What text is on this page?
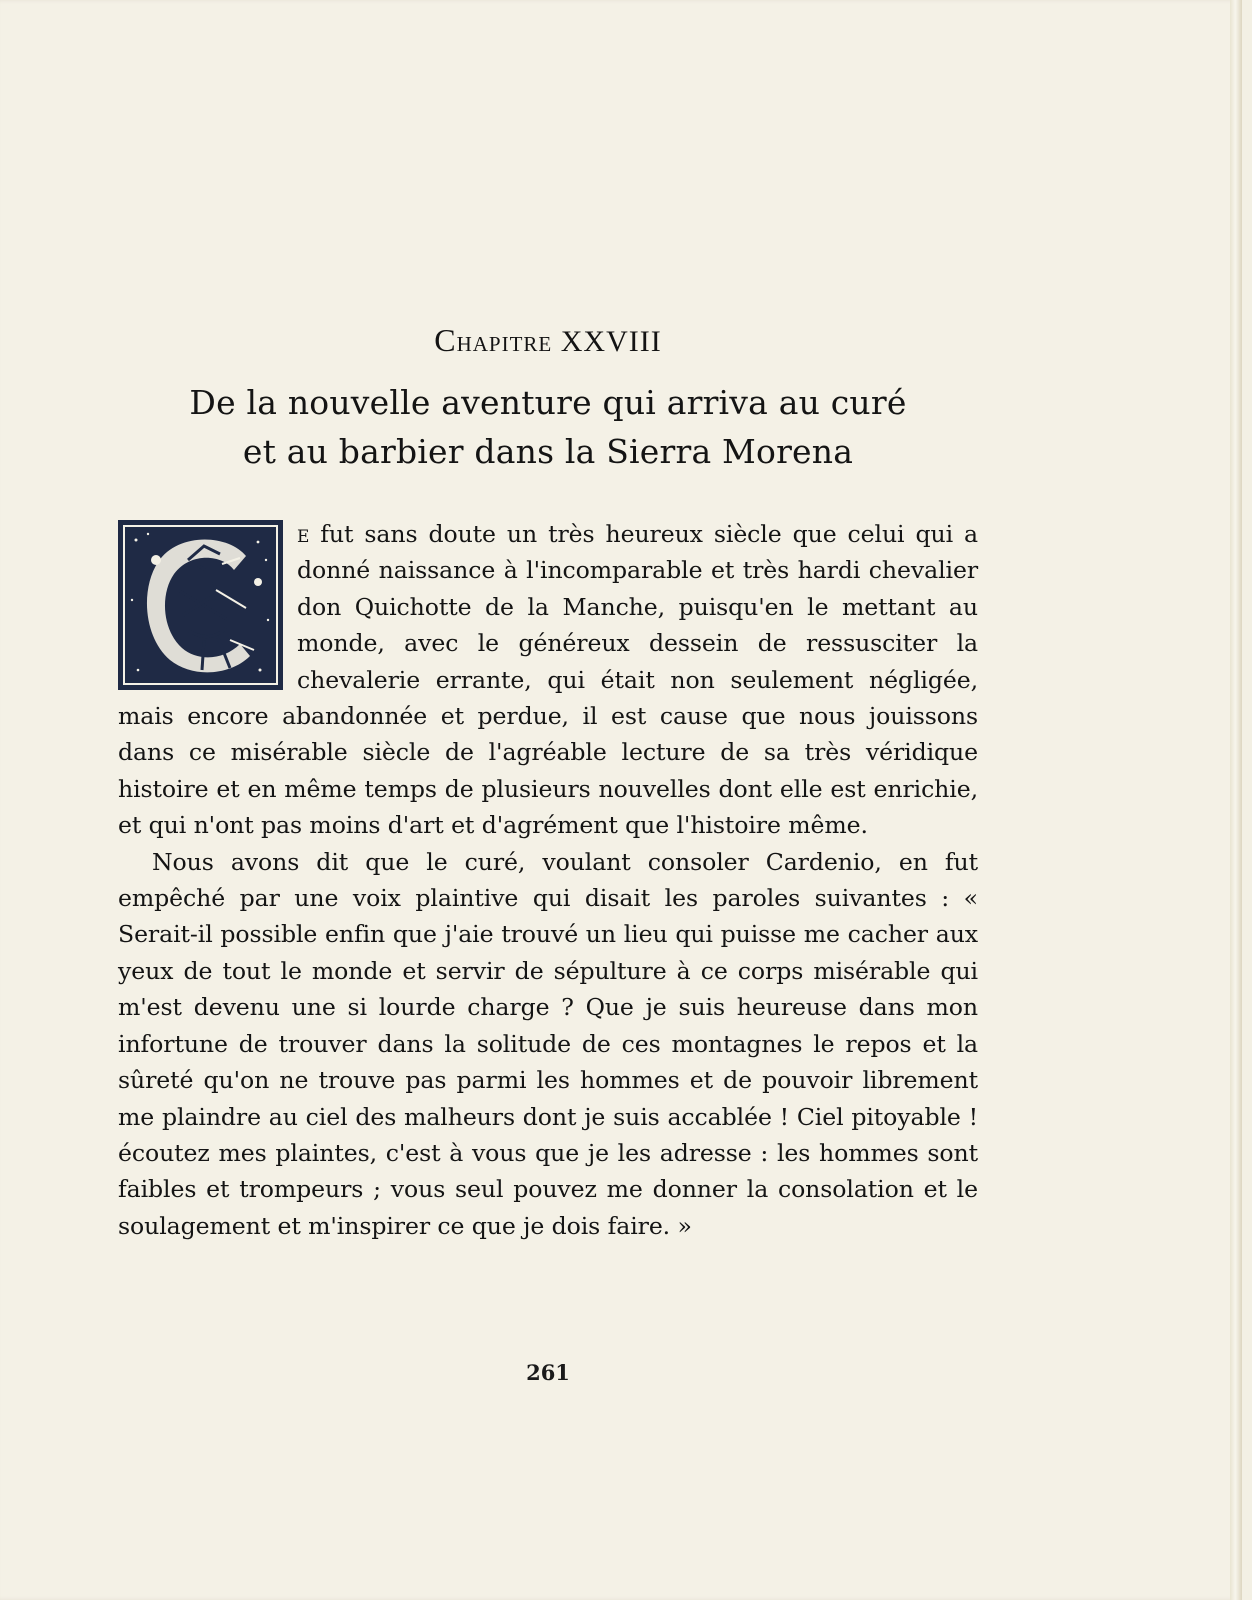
Chapitre XXVIII

De la nouvelle aventure qui arriva au curé
et au barbier dans la Sierra Morena

e fut sans doute un très heureux siècle que celui qui a donné naissance à l'incomparable et très hardi chevalier don Quichotte de la Manche, puisqu'en le mettant au monde, avec le généreux dessein de ressusciter la chevalerie errante, qui était non seulement négligée, mais encore abandonnée et perdue, il est cause que nous jouissons dans ce misérable siècle de l'agréable lecture de sa très véridique histoire et en même temps de plusieurs nouvelles dont elle est enrichie, et qui n'ont pas moins d'art et d'agrément que l'histoire même.

Nous avons dit que le curé, voulant consoler Cardenio, en fut empêché par une voix plaintive qui disait les paroles suivantes : « Serait-il possible enfin que j'aie trouvé un lieu qui puisse me cacher aux yeux de tout le monde et servir de sépulture à ce corps misérable qui m'est devenu une si lourde charge ? Que je suis heureuse dans mon infortune de trouver dans la solitude de ces montagnes le repos et la sûreté qu'on ne trouve pas parmi les hommes et de pouvoir librement me plaindre au ciel des malheurs dont je suis accablée ! Ciel pitoyable ! écoutez mes plaintes, c'est à vous que je les adresse : les hommes sont faibles et trompeurs ; vous seul pouvez me donner la consolation et le soulagement et m'inspirer ce que je dois faire. »

261
